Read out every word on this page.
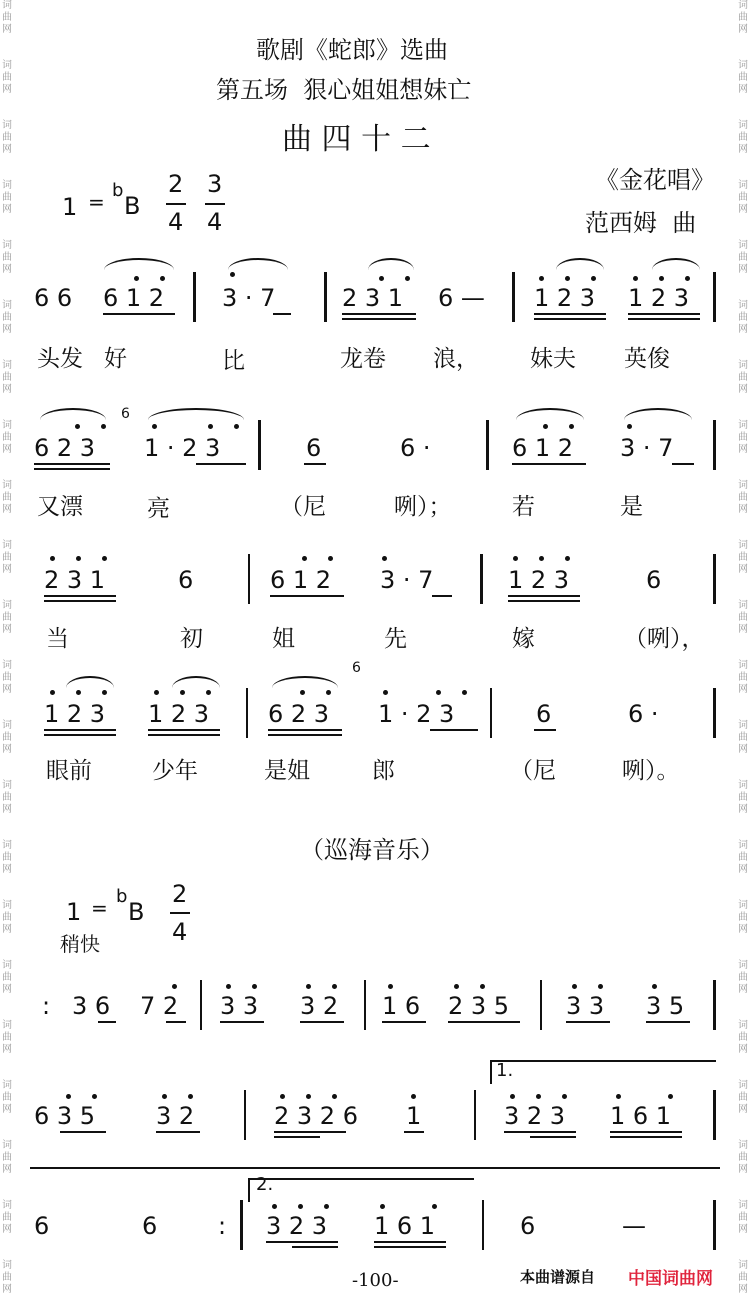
词
曲
网

词
曲
网

词
曲
网

词
曲
网

词
曲
网

词
曲
网

词
曲
网

词
曲
网

词
曲
网

词
曲
网

词
曲
网

词
曲
网

词
曲
网

词
曲
网

词
曲
网

词
曲
网

词
曲
网

词
曲
网

词
曲
网

词
曲
网

词
曲
网

词
曲
网

词
曲
网

词
曲
网

词
曲
网

词
曲
网

词
曲
网

词
曲
网

词
曲
网

词
曲
网

词
曲
网

词
曲
网

词
曲
网

词
曲
网

词
曲
网

词
曲
网

词
曲
网

词
曲
网

词
曲
网

词
曲
网

词
曲
网

词
曲
网

词
曲
网

词
曲
网

歌剧《蛇郎》选曲
第五场  狠心姐姐想妹亡
曲 四 十 二
《金花唱》
范西姆  曲
1 = b
B
2
4
3
4
6 6 6 1 2 3 · 7	2 3 1 6 — 1 2 3 1 2 3
头发 好	比	龙卷 浪， 妹夫 英俊
6 2 3
6
1 · 2 3	6	6 ·	6 1 2 3 · 7
又漂	亮	（尼	咧）；	若	是
2 3 1	6	6 1 2 3 · 7	1 2 3	6
当	初	姐	先	嫁	（咧），
1 2 3 1 2 3 6 2 3
6
1 · 2 3	6	6 ·
眼前	少年	是姐	郎	（尼	咧）。
（巡海音乐）
1 = b
B
2
4
稍快
: 3 6 7 2 3 3 3 2 1 6 2 3 5 3 3 3 5
6 3 5	3 2	2 3 2 6 1
1.
3 2 3 1 6 1
6	6	:
2.
3 2 3 1 6 1	6	—
-100-	本曲谱源自 中国词曲网
